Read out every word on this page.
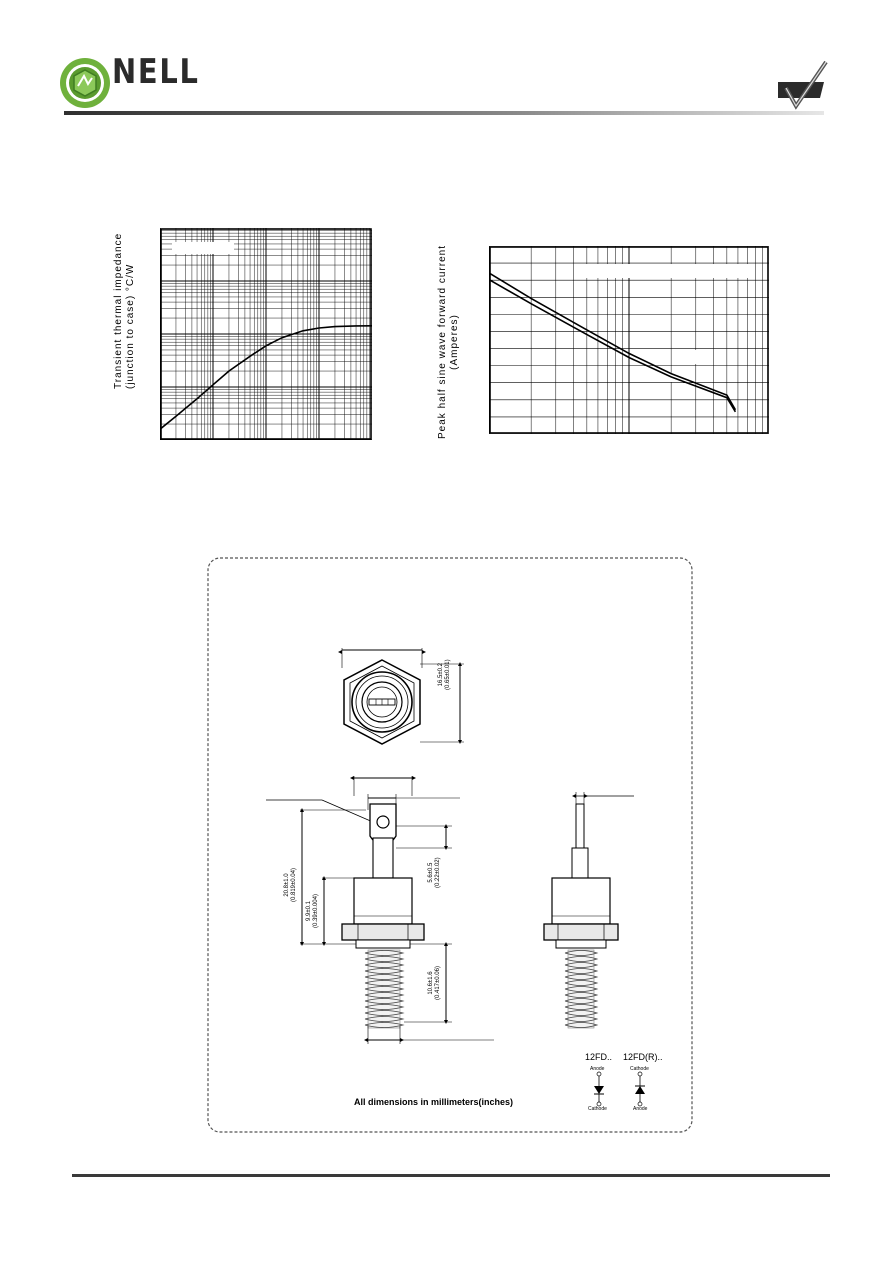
NELL
Transient thermal impedance (junction to case) °C/W	Peak half sine wave forward current (Amperes)
16.5±0.2
(0.65±0.01)
20.8±1.0
(0.819±0.04)
9.9±0.1
(0.39±0.004)
5.6±0.5
(0.22±0.02)
10.6±1.6
(0.417±0.06)
All dimensions in millimeters(inches)
12FD.. 12FD(R)..
Anode	Cathode
Cathode	Anode
